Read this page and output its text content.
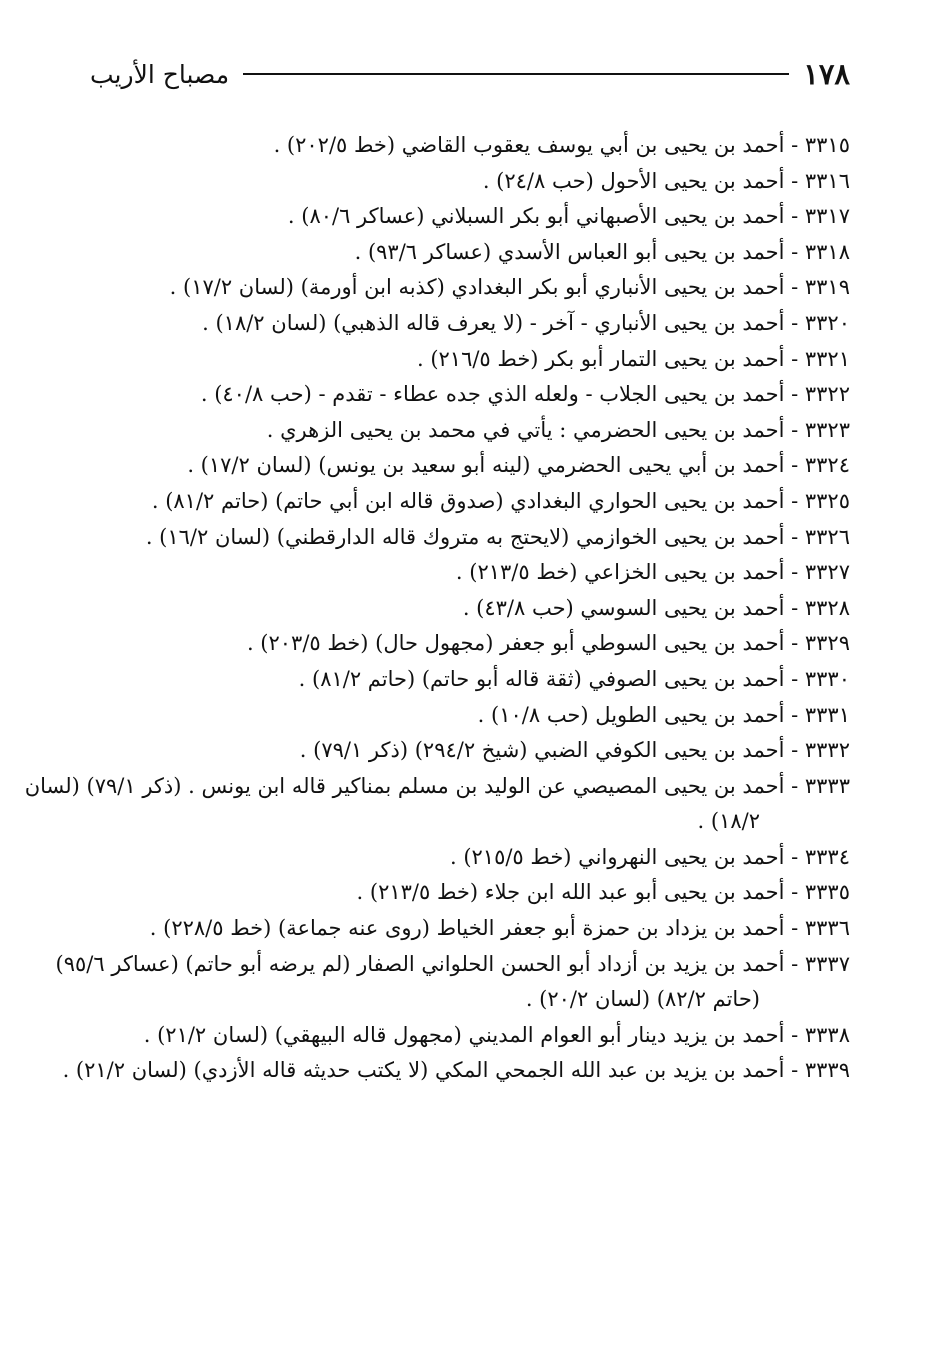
١٧٨
مصباح الأريب
٣٣١٥ - أحمد بن يحيى بن أبي يوسف يعقوب القاضي (خط ٢٠٢/٥) .
٣٣١٦ - أحمد بن يحيى الأحول (حب ٢٤/٨) .
٣٣١٧ - أحمد بن يحيى الأصبهاني أبو بكر السبلاني (عساكر ٨٠/٦) .
٣٣١٨ - أحمد بن يحيى أبو العباس الأسدي (عساكر ٩٣/٦) .
٣٣١٩ - أحمد بن يحيى الأنباري أبو بكر البغدادي (كذبه ابن أورمة) (لسان ١٧/٢) .
٣٣٢٠ - أحمد بن يحيى الأنباري - آخر - (لا يعرف قاله الذهبي) (لسان ١٨/٢) .
٣٣٢١ - أحمد بن يحيى التمار أبو بكر (خط ٢١٦/٥) .
٣٣٢٢ - أحمد بن يحيى الجلاب - ولعله الذي جده عطاء - تقدم - (حب ٤٠/٨) .
٣٣٢٣ - أحمد بن يحيى الحضرمي : يأتي في محمد بن يحيى الزهري .
٣٣٢٤ - أحمد بن أبي يحيى الحضرمي (لينه أبو سعيد بن يونس) (لسان ١٧/٢) .
٣٣٢٥ - أحمد بن يحيى الحواري البغدادي (صدوق قاله ابن أبي حاتم) (حاتم ٨١/٢) .
٣٣٢٦ - أحمد بن يحيى الخوازمي (لايحتج به متروك قاله الدارقطني) (لسان ١٦/٢) .
٣٣٢٧ - أحمد بن يحيى الخزاعي (خط ٢١٣/٥) .
٣٣٢٨ - أحمد بن يحيى السوسي (حب ٤٣/٨) .
٣٣٢٩ - أحمد بن يحيى السوطي أبو جعفر (مجهول حال) (خط ٢٠٣/٥) .
٣٣٣٠ - أحمد بن يحيى الصوفي (ثقة قاله أبو حاتم) (حاتم ٨١/٢) .
٣٣٣١ - أحمد بن يحيى الطويل (حب ١٠/٨) .
٣٣٣٢ - أحمد بن يحيى الكوفي الضبي (شيخ ٢٩٤/٢) (ذكر ٧٩/١) .
٣٣٣٣ - أحمد بن يحيى المصيصي عن الوليد بن مسلم بمناكير قاله ابن يونس . (ذكر ٧٩/١) (لسان
١٨/٢) .
٣٣٣٤ - أحمد بن يحيى النهرواني (خط ٢١٥/٥) .
٣٣٣٥ - أحمد بن يحيى أبو عبد الله ابن جلاء (خط ٢١٣/٥) .
٣٣٣٦ - أحمد بن يزداد بن حمزة أبو جعفر الخياط (روى عنه جماعة) (خط ٢٢٨/٥) .
٣٣٣٧ - أحمد بن يزيد بن أزداد أبو الحسن الحلواني الصفار (لم يرضه أبو حاتم) (عساكر ٩٥/٦)
(حاتم ٨٢/٢) (لسان ٢٠/٢) .
٣٣٣٨ - أحمد بن يزيد دينار أبو العوام المديني (مجهول قاله البيهقي) (لسان ٢١/٢) .
٣٣٣٩ - أحمد بن يزيد بن عبد الله الجمحي المكي (لا يكتب حديثه قاله الأزدي) (لسان ٢١/٢) .
